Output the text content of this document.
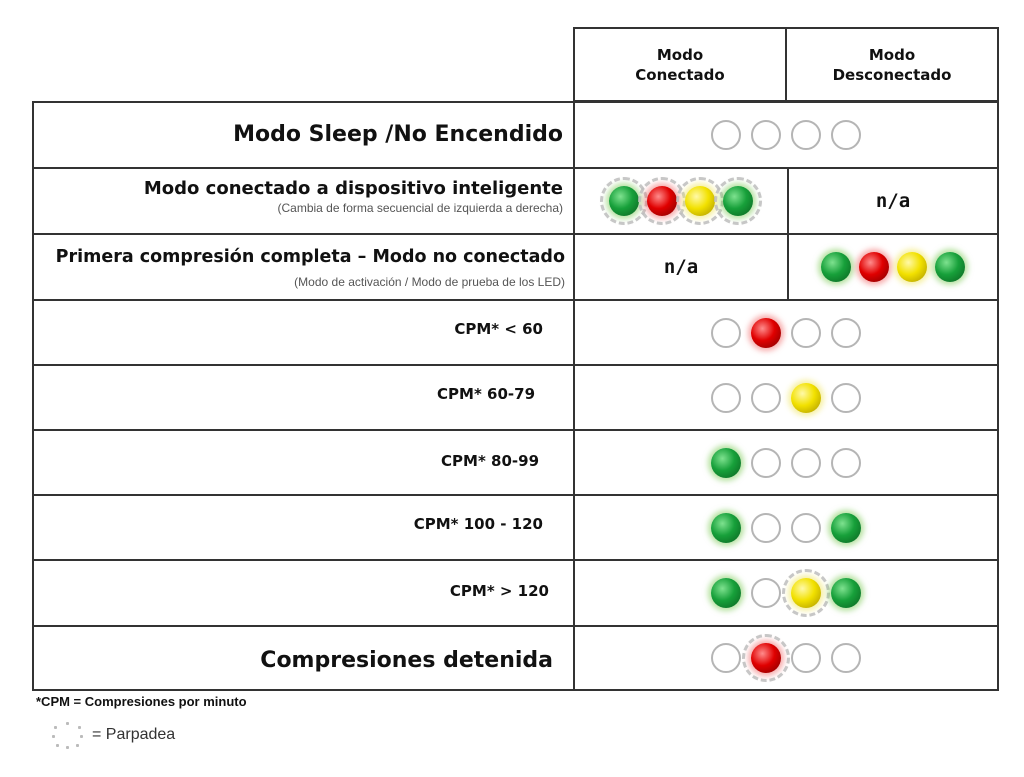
Modo
Conectado
Modo
Desconectado
Modo Sleep /No Encendido
Modo conectado a dispositivo inteligente
(Cambia de forma secuencial de izquierda a derecha)	n/a
Primera compresión completa – Modo no conectado
(Modo de activación / Modo de prueba de los LED)
n/a
CPM* < 60
CPM* 60-79
CPM* 80-99
CPM* 100 - 120
CPM* > 120
Compresiones detenida
*CPM = Compresiones por minuto
= Parpadea
